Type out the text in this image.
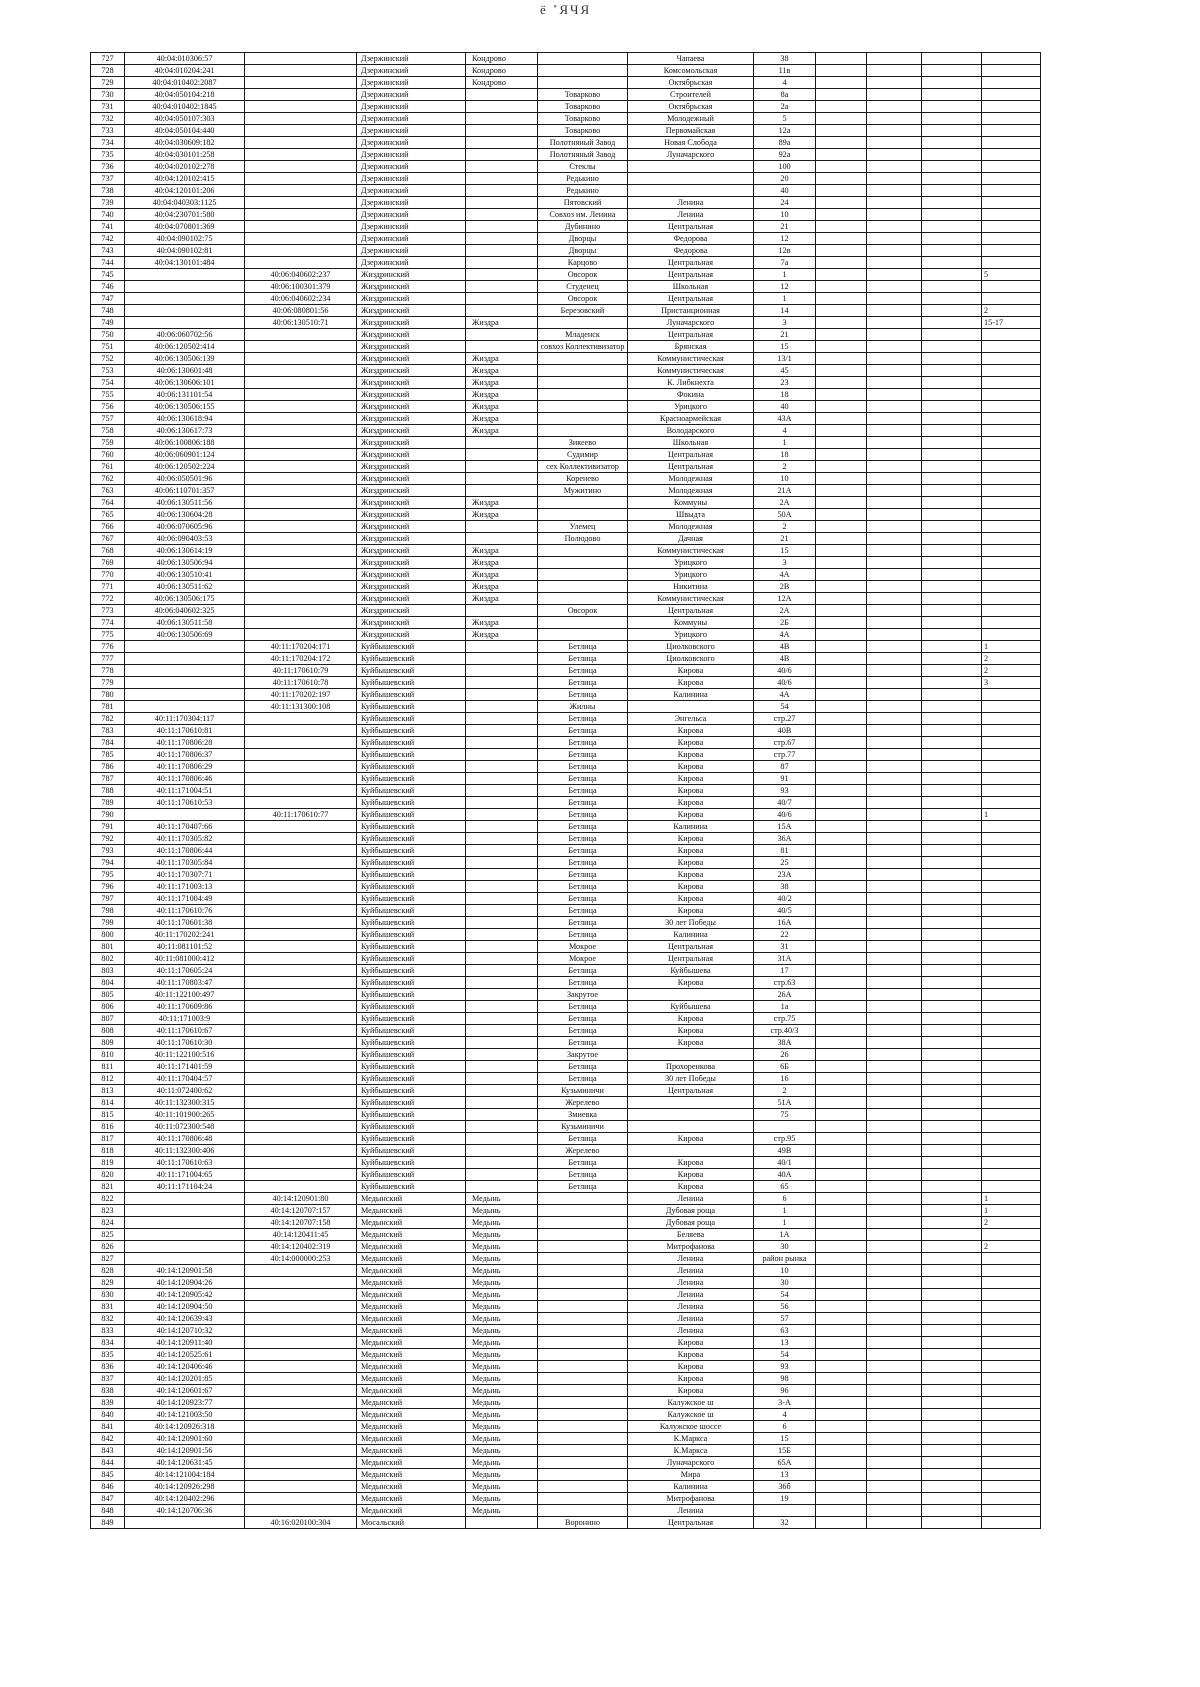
ё ˚ЯЧЯ
727	40:04:010306:57		Дзержинский	Кондрово		Чапаева	38				
728	40:04:010204:241		Дзержинский	Кондрово		Комсомольская	11в				
729	40:04:010402:2087		Дзержинский	Кондрово		Октябрьская	4				
730	40:04:050104:218		Дзержинский		Товарково	Строителей	8а				
731	40:04:010402:1845		Дзержинский		Товарково	Октябрьская	2а				
732	40:04:050107:303		Дзержинский		Товарково	Молодежный	5				
733	40:04:050104:440		Дзержинский		Товарково	Первомайская	12а				
734	40:04:030609:182		Дзержинский		Полотняный Завод	Новая Слобода	89а				
735	40:04:030101:258		Дзержинский		Полотняный Завод	Луначарского	92а				
736	40:04:020102:278		Дзержинский		Стеклы		100				
737	40:04:120102:415		Дзержинский		Редькино		20				
738	40:04:120101:206		Дзержинский		Редькино		40				
739	40:04:040303:1125		Дзержинский		Пятовский	Ленина	24				
740	40:04:230701:580		Дзержинский		Совхоз им. Ленина	Ленина	10				
741	40:04:070801:369		Дзержинский		Дубинино	Центральная	21				
742	40:04:090102:75		Дзержинский		Дворцы	Федорова	12				
743	40:04:090102:81		Дзержинский		Дворцы	Федорова	12в				
744	40:04:130101:484		Дзержинский		Карцово	Центральная	7а				
745		40:06:040602:237	Жиздринский		Овсорок	Центральная	1				5
746		40:06:100301:379	Жиздринский		Студенец	Школьная	12				
747		40:06:040602:234	Жиздринский		Овсорок	Центральная	1				
748		40:06:080801:56	Жиздринский		Березовский	Пристанционная	14				2
749		40:06:130510:71	Жиздринский	Жиздра		Луначарского	3				15-17
750	40:06:060702:56		Жиздринский		Младенск	Центральная	21				
751	40:06:120502:414		Жиздринский		совхоз Коллективизатор	Брянская	15				
752	40:06:130506:139		Жиздринский	Жиздра		Коммунистическая	13/1				
753	40:06:130601:48		Жиздринский	Жиздра		Коммунистическая	45				
754	40:06:130606:101		Жиздринский	Жиздра		К. Либкнехта	23				
755	40:06:131101:54		Жиздринский	Жиздра		Фокина	18				
756	40:06:130506:155		Жиздринский	Жиздра		Урицкого	40				
757	40:06:130618:94		Жиздринский	Жиздра		Красноармейская	43А				
758	40:06:130617:73		Жиздринский	Жиздра		Володарского	4				
759	40:06:100806:188		Жиздринский		Зикеево	Школьная	1				
760	40:06:060901:124		Жиздринский		Судимир	Центральная	18				
761	40:06:120502:224		Жиздринский		сех Коллективизатор	Центральная	2				
762	40:06:050501:96		Жиздринский		Коренево	Молодежная	10				
763	40:06:110701:357		Жиздринский		Мужитино	Молодежная	21А				
764	40:06:130511:56		Жиздринский	Жиздра		Коммуны	2А				
765	40:06:130604:28		Жиздринский	Жиздра		Швыдта	50А				
766	40:06:070605:96		Жиздринский		Улемец	Молодежная	2				
767	40:06:090403:53		Жиздринский		Полюдово	Дачная	21				
768	40:06:130614:19		Жиздринский	Жиздра		Коммунистическая	15				
769	40:06:130506:94		Жиздринский	Жиздра		Урицкого	3				
770	40:06:130510:41		Жиздринский	Жиздра		Урицкого	4А				
771	40:06:130511:62		Жиздринский	Жиздра		Никитина	2В				
772	40:06:130506:175		Жиздринский	Жиздра		Коммунистическая	12А				
773	40:06:040602:325		Жиздринский		Овсорок	Центральная	2А				
774	40:06:130511:58		Жиздринский	Жиздра		Коммуны	2Б				
775	40:06:130506:69		Жиздринский	Жиздра		Урицкого	4А				
776		40:11:170204:171	Куйбышевский		Бетлица	Циолковского	4В				1
777		40:11:170204:172	Куйбышевский		Бетлица	Циолковского	4В				2
778		40:11:170610:79	Куйбышевский		Бетлица	Кирова	40/6				2
779		40:11:170610:78	Куйбышевский		Бетлица	Кирова	40/6				3
780		40:11:170202:197	Куйбышевский		Бетлица	Калинина	4А				
781		40:11:131300:108	Куйбышевский		Жилны		54				
782	40:11:170304:117		Куйбышевский		Бетлица	Энгельса	стр.27				
783	40:11:170610:81		Куйбышевский		Бетлица	Кирова	40В				
784	40:11:170806:28		Куйбышевский		Бетлица	Кирова	стр.67				
785	40:11:170806:37		Куйбышевский		Бетлица	Кирова	стр.77				
786	40:11:170806:29		Куйбышевский		Бетлица	Кирова	87				
787	40:11:170806:46		Куйбышевский		Бетлица	Кирова	91				
788	40:11:171004:51		Куйбышевский		Бетлица	Кирова	93				
789	40:11:170610:53		Куйбышевский		Бетлица	Кирова	40/7				
790		40:11:170610:77	Куйбышевский		Бетлица	Кирова	40/6				1
791	40:11:170407:66		Куйбышевский		Бетлица	Калинина	15А				
792	40:11:170305:82		Куйбышевский		Бетлица	Кирова	36А				
793	40:11:170806:44		Куйбышевский		Бетлица	Кирова	81				
794	40:11:170305:84		Куйбышевский		Бетлица	Кирова	25				
795	40:11:170307:71		Куйбышевский		Бетлица	Кирова	23А				
796	40:11:171003:13		Куйбышевский		Бетлица	Кирова	38				
797	40:11:171004:49		Куйбышевский		Бетлица	Кирова	40/2				
798	40:11:170610:76		Куйбышевский		Бетлица	Кирова	40/5				
799	40:11:170601:38		Куйбышевский		Бетлица	30 лет Победы	16А				
800	40:11:170202:241		Куйбышевский		Бетлица	Калинина	22				
801	40:11:081101:52		Куйбышевский		Мокрое	Центральная	31				
802	40:11:081000:412		Куйбышевский		Мокрое	Центральная	31А				
803	40:11:170605:24		Куйбышевский		Бетлица	Куйбышева	17				
804	40:11:170803:47		Куйбышевский		Бетлица	Кирова	стр.63				
805	40:11:122100:497		Куйбышевский		Закрутое		26А				
806	40:11:170609:86		Куйбышевский		Бетлица	Куйбышева	1а				
807	40:11:171003:9		Куйбышевский		Бетлица	Кирова	стр.75				
808	40:11:170610:67		Куйбышевский		Бетлица	Кирова	стр.40/3				
809	40:11:170610:30		Куйбышевский		Бетлица	Кирова	38А				
810	40:11:122100:516		Куйбышевский		Закрутое		26				
811	40:11:171401:59		Куйбышевский		Бетлица	Прохоренкова	6Б				
812	40:11:170404:57		Куйбышевский		Бетлица	30 лет Победы	16				
813	40:11:072400:62		Куйбышевский		Кузьминичи	Центральная	2				
814	40:11:132300:315		Куйбышевский		Жерелево		51А				
815	40:11:101900:265		Куйбышевский		Змиевка		75				
816	40:11:072300:548		Куйбышевский		Кузьминичи						
817	40:11:170806:48		Куйбышевский		Бетлица	Кирова	стр.95				
818	40:11:132300:406		Куйбышевский		Жерелево		49В				
819	40:11:170610:63		Куйбышевский		Бетлица	Кирова	40/1				
820	40:11:171004:65		Куйбышевский		Бетлица	Кирова	40А				
821	40:11:171104:24		Куйбышевский		Бетлица	Кирова	65				
822		40:14:120901:80	Медынский	Медынь		Ленина	6				1
823		40:14:120707:157	Медынский	Медынь		Дубовая роща	1				1
824		40:14:120707:158	Медынский	Медынь		Дубовая роща	1				2
825		40:14:120411:45	Медынский	Медынь		Беляева	1А				
826		40:14:120402:319	Медынский	Медынь		Митрофанова	30				2
827		40:14:000000:253	Медынский	Медынь		Ленина	район рынка				
828	40:14:120901:58		Медынский	Медынь		Ленина	10				
829	40:14:120904:26		Медынский	Медынь		Ленина	30				
830	40:14:120905:42		Медынский	Медынь		Ленина	54				
831	40:14:120904:50		Медынский	Медынь		Ленина	56				
832	40:14:120639:43		Медынский	Медынь		Ленина	57				
833	40:14:120710:32		Медынский	Медынь		Ленина	63				
834	40:14:120911:40		Медынский	Медынь		Кирова	13				
835	40:14:120525:61		Медынский	Медынь		Кирова	54				
836	40:14:120406:46		Медынский	Медынь		Кирова	93				
837	40:14:120201:85		Медынский	Медынь		Кирова	98				
838	40:14:120601:67		Медынский	Медынь		Кирова	96				
839	40:14:120923:77		Медынский	Медынь		Калужское ш	3-А				
840	40:14:121003:50		Медынский	Медынь		Калужское ш	4				
841	40:14:120926:318		Медынский	Медынь		Калужское шоссе	6				
842	40:14:120901:60		Медынский	Медынь		К.Маркса	15				
843	40:14:120901:56		Медынский	Медынь		К.Маркса	15Б				
844	40:14:120631:45		Медынский	Медынь		Луначарского	65А				
845	40:14:121004:184		Медынский	Медынь		Мира	13				
846	40:14:120926:298		Медынский	Медынь		Калинина	36б				
847	40:14:120402:296		Медынский	Медынь		Митрофанова	19				
848	40:14:120706:36		Медынский	Медынь		Ленина					
849		40:16:020100:304	Мосальский		Воронино	Центральная	32				
